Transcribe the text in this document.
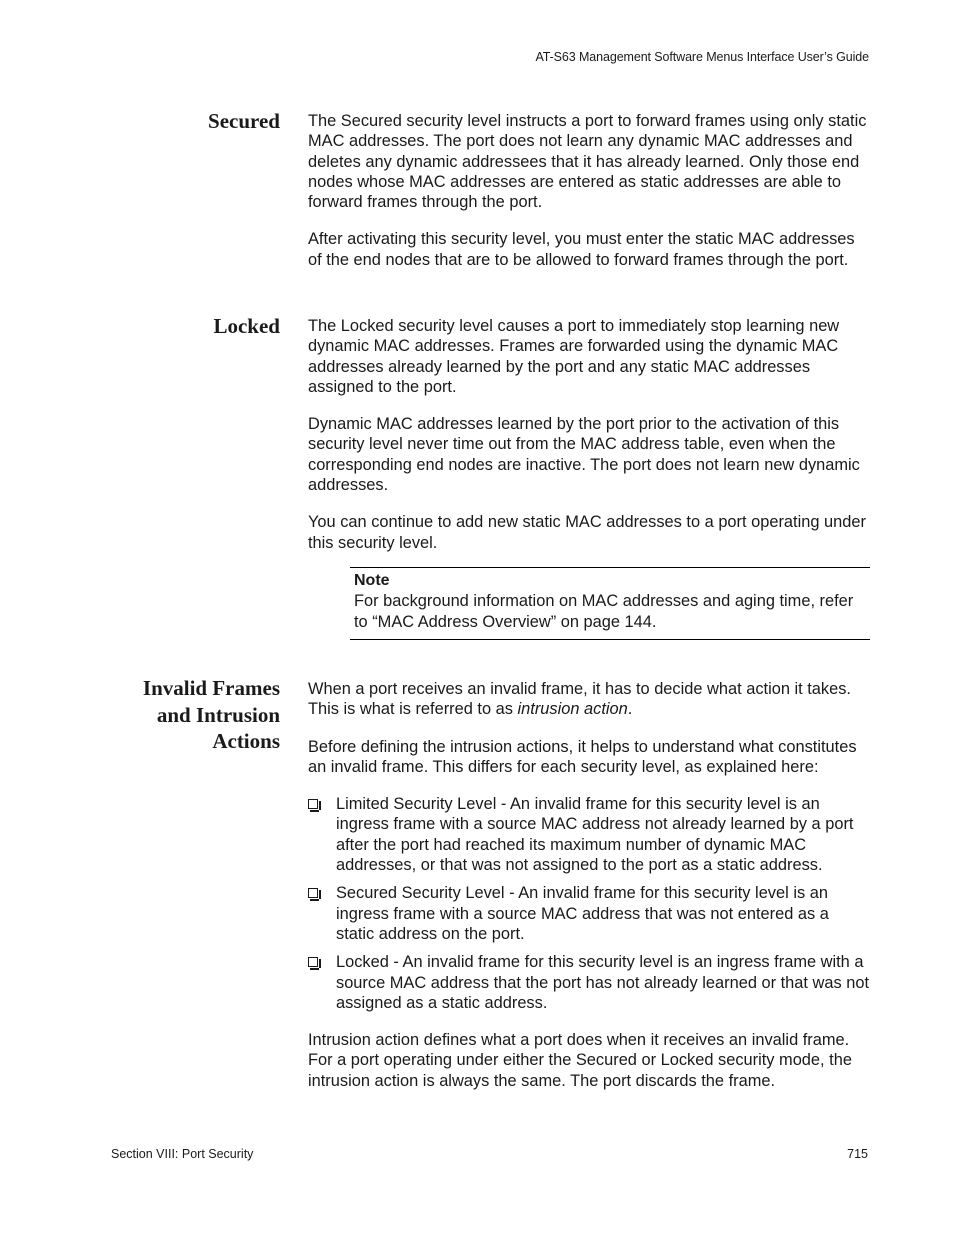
AT-S63 Management Software Menus Interface User’s Guide
Secured The Secured security level instructs a port to forward frames using only static MAC addresses. The port does not learn any dynamic MAC addresses and deletes any dynamic addressees that it has already learned. Only those end nodes whose MAC addresses are entered as static addresses are able to forward frames through the port.

After activating this security level, you must enter the static MAC addresses of the end nodes that are to be allowed to forward frames through the port.

Locked The Locked security level causes a port to immediately stop learning new dynamic MAC addresses. Frames are forwarded using the dynamic MAC addresses already learned by the port and any static MAC addresses assigned to the port.

Dynamic MAC addresses learned by the port prior to the activation of this security level never time out from the MAC address table, even when the corresponding end nodes are inactive. The port does not learn new dynamic addresses.

You can continue to add new static MAC addresses to a port operating under this security level.

Note
For background information on MAC addresses and aging time, refer to “MAC Address Overview” on page 144.
Invalid Frames
and Intrusion
Actions

When a port receives an invalid frame, it has to decide what action it takes. This is what is referred to as intrusion action.

Before defining the intrusion actions, it helps to understand what constitutes an invalid frame. This differs for each security level, as explained here:

Limited Security Level - An invalid frame for this security level is an ingress frame with a source MAC address not already learned by a port after the port had reached its maximum number of dynamic MAC addresses, or that was not assigned to the port as a static address.
Secured Security Level - An invalid frame for this security level is an ingress frame with a source MAC address that was not entered as a static address on the port.
Locked - An invalid frame for this security level is an ingress frame with a source MAC address that the port has not already learned or that was not assigned as a static address.

Intrusion action defines what a port does when it receives an invalid frame. For a port operating under either the Secured or Locked security mode, the intrusion action is always the same. The port discards the frame.

Section VIII: Port Security	715
